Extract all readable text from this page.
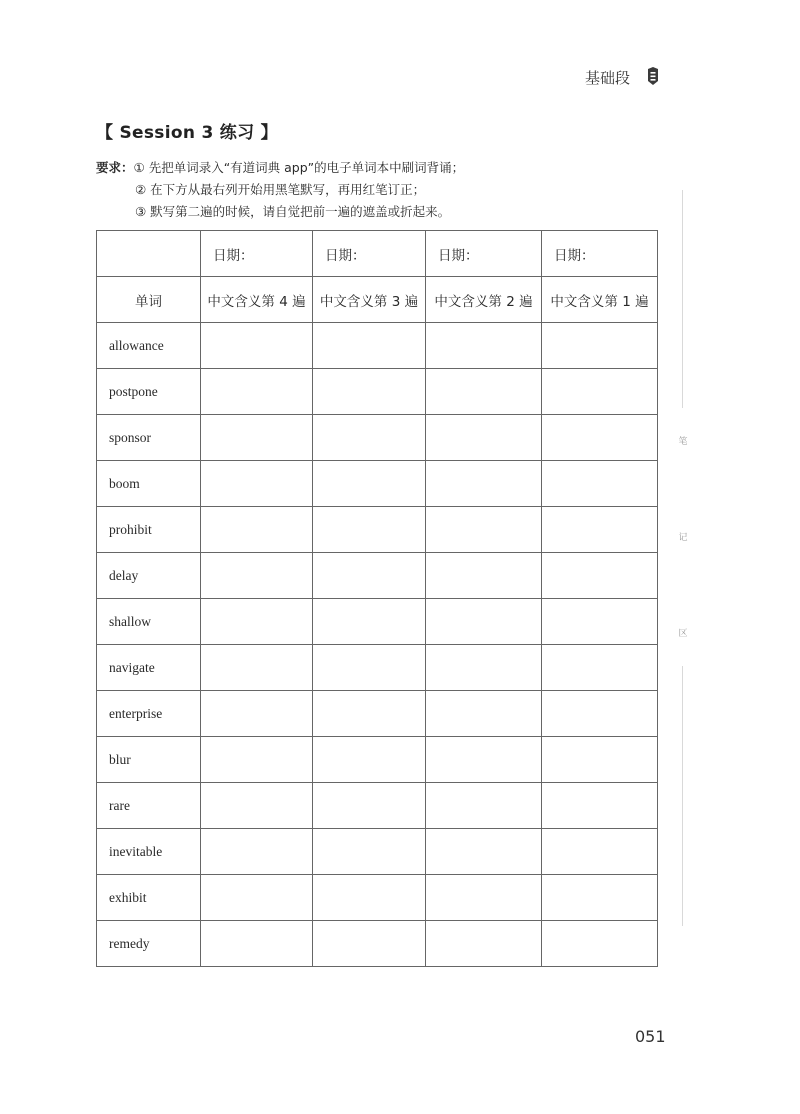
基础段
【 Session 3 练习 】
要求：① 先把单词录入“有道词典 app”的电子单词本中刷词背诵；
② 在下方从最右列开始用黑笔默写，再用红笔订正；
③ 默写第二遍的时候，请自觉把前一遍的遮盖或折起来。
笔
记
区
	日期：	日期：	日期：	日期：
单词	中文含义第 4 遍	中文含义第 3 遍	中文含义第 2 遍	中文含义第 1 遍
allowance				
postpone				
sponsor				
boom				
prohibit				
delay				
shallow				
navigate				
enterprise				
blur				
rare				
inevitable				
exhibit				
remedy				
051
